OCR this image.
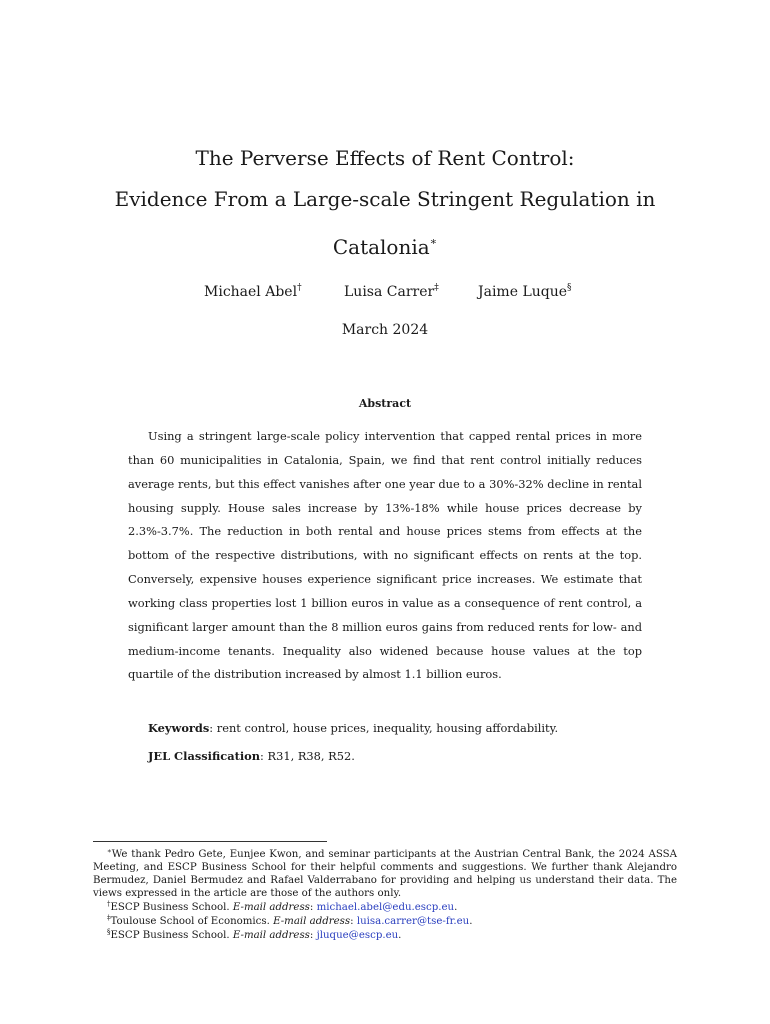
The Perverse Effects of Rent Control:
Evidence From a Large-scale Stringent Regulation in
Catalonia∗
Michael Abel†	Luisa Carrer‡	Jaime Luque§
March 2024
Abstract
Using a stringent large-scale policy intervention that capped rental prices in more than 60 municipalities in Catalonia, Spain, we find that rent control initially reduces average rents, but this effect vanishes after one year due to a 30%-32% decline in rental housing supply. House sales increase by 13%-18% while house prices decrease by 2.3%-3.7%. The reduction in both rental and house prices stems from effects at the bottom of the respective distributions, with no significant effects on rents at the top. Conversely, expensive houses experience significant price increases. We estimate that working class properties lost 1 billion euros in value as a consequence of rent control, a significant larger amount than the 8 million euros gains from reduced rents for low- and medium-income tenants. Inequality also widened because house values at the top quartile of the distribution increased by almost 1.1 billion euros.
Keywords: rent control, house prices, inequality, housing affordability.
JEL Classification: R31, R38, R52.
∗We thank Pedro Gete, Eunjee Kwon, and seminar participants at the Austrian Central Bank, the 2024 ASSA Meeting, and ESCP Business School for their helpful comments and suggestions. We further thank Alejandro Bermudez, Daniel Bermudez and Rafael Valderrabano for providing and helping us understand their data. The views expressed in the article are those of the authors only.
†ESCP Business School. E-mail address: michael.abel@edu.escp.eu.
‡Toulouse School of Economics. E-mail address: luisa.carrer@tse-fr.eu.
§ESCP Business School. E-mail address: jluque@escp.eu.
